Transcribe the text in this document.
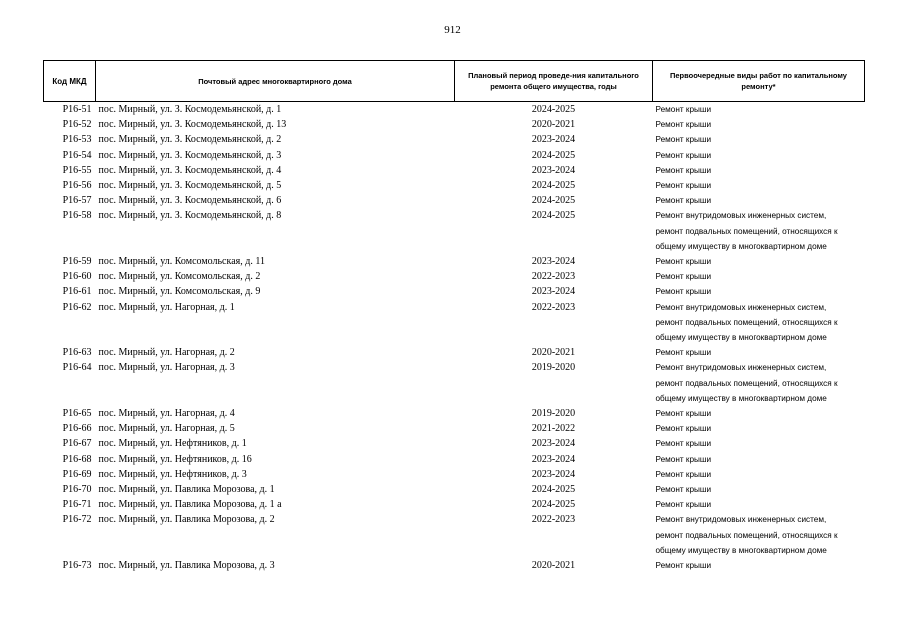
912
Код МКД	Почтовый адрес многоквартирного дома	Плановый период проведе-ния капитального ремонта общего имущества, годы	Первоочередные виды работ по капитальному ремонту*
Р16-51	пос. Мирный, ул. З. Космодемьянской, д. 1	2024-2025	Ремонт крыши

Р16-52	пос. Мирный, ул. З. Космодемьянской, д. 13	2020-2021	Ремонт крыши

Р16-53	пос. Мирный, ул. З. Космодемьянской, д. 2	2023-2024	Ремонт крыши

Р16-54	пос. Мирный, ул. З. Космодемьянской, д. 3	2024-2025	Ремонт крыши

Р16-55	пос. Мирный, ул. З. Космодемьянской, д. 4	2023-2024	Ремонт крыши

Р16-56	пос. Мирный, ул. З. Космодемьянской, д. 5	2024-2025	Ремонт крыши

Р16-57	пос. Мирный, ул. З. Космодемьянской, д. 6	2024-2025	Ремонт крыши

Р16-58	пос. Мирный, ул. З. Космодемьянской, д. 8	2024-2025	Ремонт внутридомовых инженерных систем,
ремонт подвальных помещений, относящихся к
общему имуществу в многоквартирном доме

Р16-59	пос. Мирный, ул. Комсомольская, д. 11	2023-2024	Ремонт крыши

Р16-60	пос. Мирный, ул. Комсомольская, д. 2	2022-2023	Ремонт крыши

Р16-61	пос. Мирный, ул. Комсомольская, д. 9	2023-2024	Ремонт крыши

Р16-62	пос. Мирный, ул. Нагорная, д. 1	2022-2023	Ремонт внутридомовых инженерных систем,
ремонт подвальных помещений, относящихся к
общему имуществу в многоквартирном доме

Р16-63	пос. Мирный, ул. Нагорная, д. 2	2020-2021	Ремонт крыши

Р16-64	пос. Мирный, ул. Нагорная, д. 3	2019-2020	Ремонт внутридомовых инженерных систем,
ремонт подвальных помещений, относящихся к
общему имуществу в многоквартирном доме

Р16-65	пос. Мирный, ул. Нагорная, д. 4	2019-2020	Ремонт крыши

Р16-66	пос. Мирный, ул. Нагорная, д. 5	2021-2022	Ремонт крыши

Р16-67	пос. Мирный, ул. Нефтяников, д. 1	2023-2024	Ремонт крыши

Р16-68	пос. Мирный, ул. Нефтяников, д. 16	2023-2024	Ремонт крыши

Р16-69	пос. Мирный, ул. Нефтяников, д. 3	2023-2024	Ремонт крыши

Р16-70	пос. Мирный, ул. Павлика Морозова, д. 1	2024-2025	Ремонт крыши

Р16-71	пос. Мирный, ул. Павлика Морозова, д. 1 а	2024-2025	Ремонт крыши

Р16-72	пос. Мирный, ул. Павлика Морозова, д. 2	2022-2023	Ремонт внутридомовых инженерных систем,
ремонт подвальных помещений, относящихся к
общему имуществу в многоквартирном доме

Р16-73	пос. Мирный, ул. Павлика Морозова, д. 3	2020-2021	Ремонт крыши
